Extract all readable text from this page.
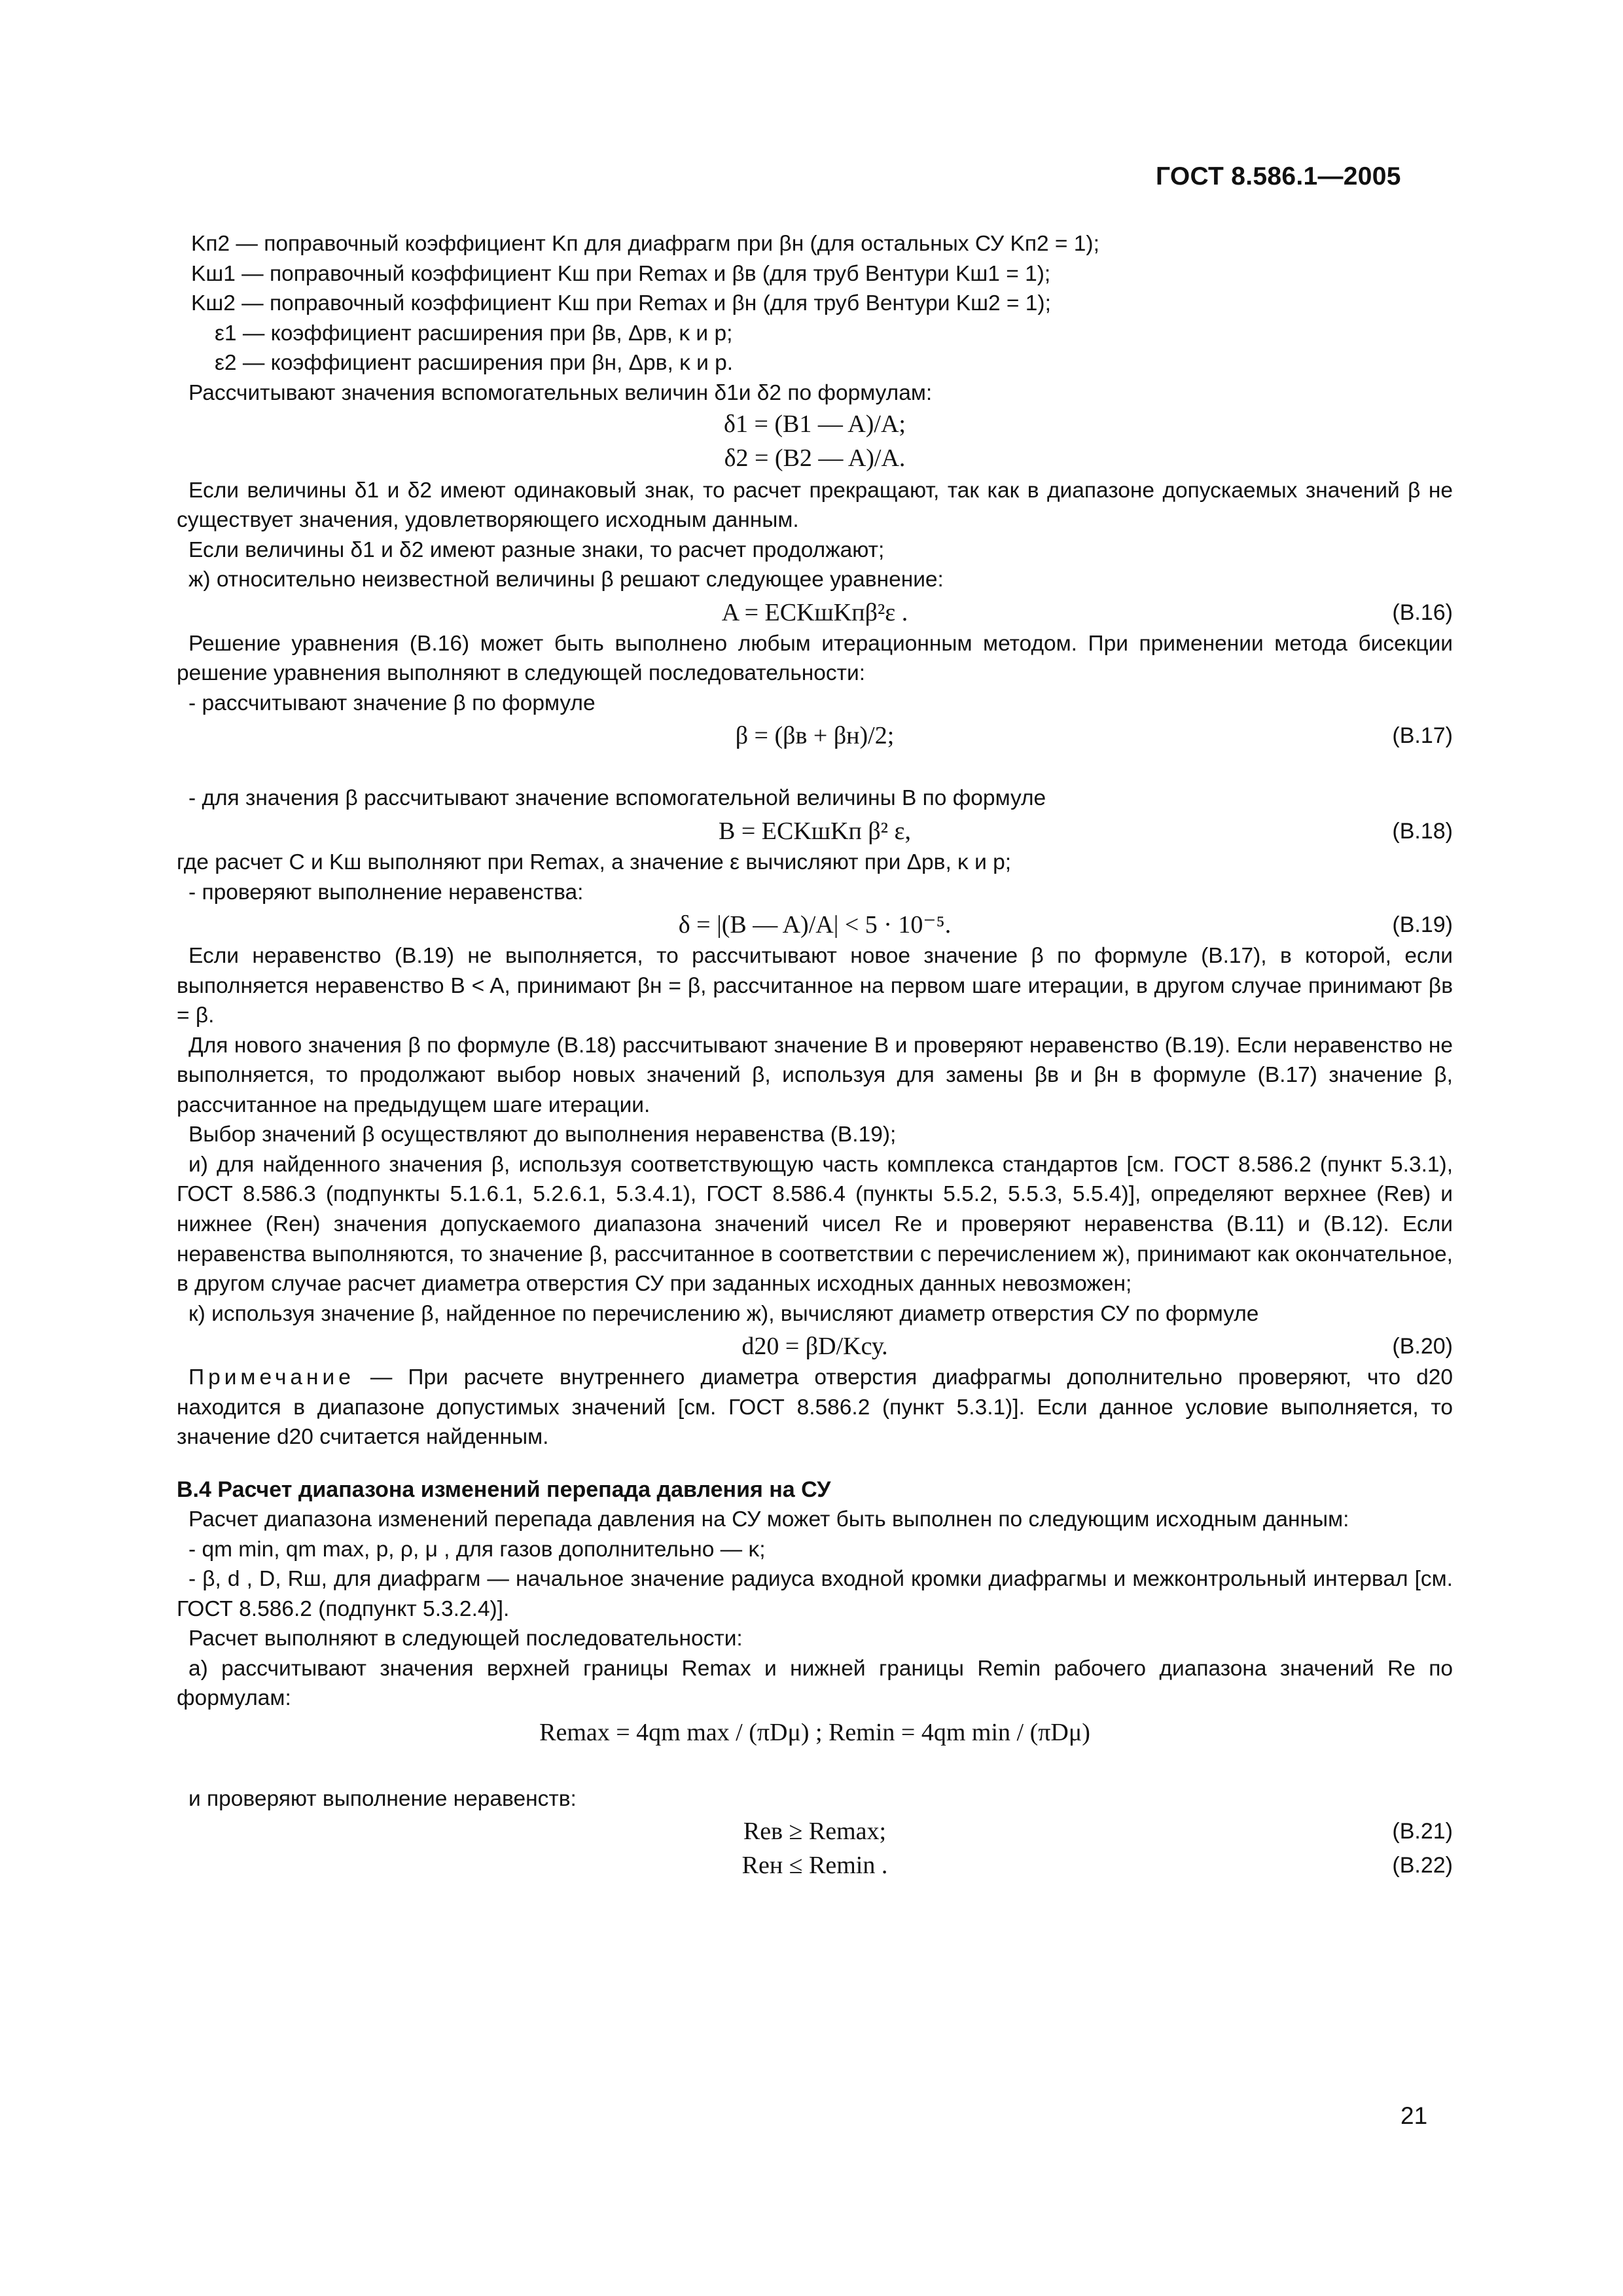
ГОСТ 8.586.1—2005

Kп2 — поправочный коэффициент Kп для диафрагм при βн (для остальных СУ Kп2 = 1);

Kш1 — поправочный коэффициент Kш при Remax и βв (для труб Вентури Kш1 = 1);

Kш2 — поправочный коэффициент Kш при Remax и βн (для труб Вентури Kш2 = 1);

ε1 — коэффициент расширения при βв, Δpв, κ и p;

ε2 — коэффициент расширения при βн, Δpв, κ и p.

Рассчитывают значения вспомогательных величин δ1и δ2 по формулам:

δ1 = (B1 — A)/A;

δ2 = (B2 — A)/A.

Если величины δ1 и δ2 имеют одинаковый знак, то расчет прекращают, так как в диапазоне допускаемых значений β не существует значения, удовлетворяющего исходным данным.

Если величины δ1 и δ2 имеют разные знаки, то расчет продолжают;

ж) относительно неизвестной величины β решают следующее уравнение:

A = ECKшKпβ²ε .	(В.16)

Решение уравнения (В.16) может быть выполнено любым итерационным методом. При применении метода бисекции решение уравнения выполняют в следующей последовательности:

- рассчитывают значение β по формуле

β = (βв + βн)/2;	(В.17)

- для значения β рассчитывают значение вспомогательной величины B по формуле

B = ECKшKп β² ε,	(В.18)

где расчет C и Kш выполняют при Remax, а значение ε вычисляют при Δpв, κ и p;

- проверяют выполнение неравенства:

δ = |(B — A)/A| < 5 · 10⁻⁵.	(В.19)

Если неравенство (В.19) не выполняется, то рассчитывают новое значение β по формуле (В.17), в которой, если выполняется неравенство B < A, принимают βн = β, рассчитанное на первом шаге итерации, в другом случае принимают βв = β.

Для нового значения β по формуле (В.18) рассчитывают значение В и проверяют неравенство (В.19). Если неравенство не выполняется, то продолжают выбор новых значений β, используя для замены βв и βн в формуле (В.17) значение β, рассчитанное на предыдущем шаге итерации.

Выбор значений β осуществляют до выполнения неравенства (В.19);

и) для найденного значения β, используя соответствующую часть комплекса стандартов [см. ГОСТ 8.586.2 (пункт 5.3.1), ГОСТ 8.586.3 (подпункты 5.1.6.1, 5.2.6.1, 5.3.4.1), ГОСТ 8.586.4 (пункты 5.5.2, 5.5.3, 5.5.4)], определяют верхнее (Reв) и нижнее (Reн) значения допускаемого диапазона значений чисел Re и проверяют неравенства (В.11) и (В.12). Если неравенства выполняются, то значение β, рассчитанное в соответствии с перечислением ж), принимают как окончательное, в другом случае расчет диаметра отверстия СУ при заданных исходных данных невозможен;

к) используя значение β, найденное по перечислению ж), вычисляют диаметр отверстия СУ по формуле

d20 = βD/Kсу.	(В.20)

Примечание — При расчете внутреннего диаметра отверстия диафрагмы дополнительно проверяют, что d20 находится в диапазоне допустимых значений [см. ГОСТ 8.586.2 (пункт 5.3.1)]. Если данное условие выполняется, то значение d20 считается найденным.

В.4 Расчет диапазона изменений перепада давления на СУ

Расчет диапазона изменений перепада давления на СУ может быть выполнен по следующим исходным данным:

- qm min, qm max, p, ρ, μ , для газов дополнительно — κ;

- β, d , D, Rш, для диафрагм — начальное значение радиуса входной кромки диафрагмы и межконтрольный интервал [см. ГОСТ 8.586.2 (подпункт 5.3.2.4)].

Расчет выполняют в следующей последовательности:

а) рассчитывают значения верхней границы Remax и нижней границы Remin рабочего диапазона значений Re по формулам:

Remax = 4qm max / (πDμ) ; Remin = 4qm min / (πDμ)

и проверяют выполнение неравенств:

Reв ≥ Remax;	(В.21)
Reн ≤ Remin .	(В.22)
21
